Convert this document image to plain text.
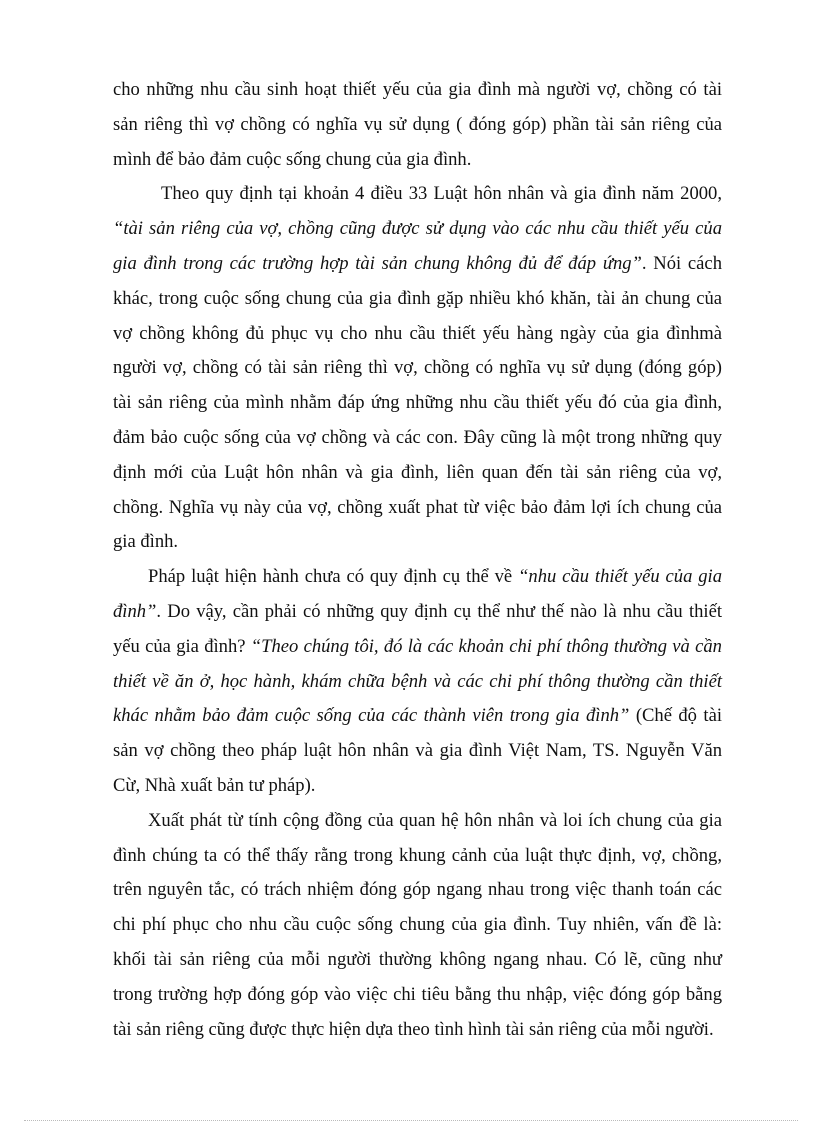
cho những nhu cầu sinh hoạt thiết yếu của gia đình mà người vợ, chồng có tài
sản riêng thì vợ chồng có nghĩa vụ sử dụng ( đóng góp) phần tài sản riêng của
mình để bảo đảm cuộc sống chung của gia đình.
Theo quy định tại khoản 4 điều 33 Luật hôn nhân và gia đình năm 2000,
“tài sản riêng của vợ, chồng cũng được sử dụng vào các nhu cầu thiết yếu của
gia đình trong các trường hợp tài sản chung không đủ để đáp ứng”. Nói cách
khác, trong cuộc sống chung của gia đình gặp nhiều khó khăn, tài ản chung của
vợ chồng không đủ phục vụ cho nhu cầu thiết yếu hàng ngày của gia đìnhmà
người vợ, chồng có tài sản riêng thì vợ, chồng có nghĩa vụ sử dụng (đóng góp)
tài sản riêng của mình nhằm đáp ứng những nhu cầu thiết yếu đó của gia đình,
đảm bảo cuộc sống của vợ chồng và các con. Đây cũng là một trong những quy
định mới của Luật hôn nhân và gia đình, liên quan đến tài sản riêng của vợ,
chồng. Nghĩa vụ này của vợ, chồng xuất phat từ việc bảo đảm lợi ích chung của
gia đình.
Pháp luật hiện hành chưa có quy định cụ thể về “nhu cầu thiết yếu của gia
đình”. Do vậy, cần phải có những quy định cụ thể như thế nào là nhu cầu thiết
yếu của gia đình? “Theo chúng tôi, đó là các khoản chi phí thông thường và cần
thiết về ăn ở, học hành, khám chữa bệnh và các chi phí thông thường cần thiết
khác nhằm bảo đảm cuộc sống của các thành viên trong gia đình” (Chế độ tài
sản vợ chồng theo pháp luật hôn nhân và gia đình Việt Nam, TS. Nguyễn Văn
Cừ, Nhà xuất bản tư pháp).
Xuất phát từ tính cộng đồng của quan hệ hôn nhân và loi ích chung của gia
đình chúng ta có thể thấy rằng trong khung cảnh của luật thực định, vợ, chồng,
trên nguyên tắc, có trách nhiệm đóng góp ngang nhau trong việc thanh toán các
chi phí phục cho nhu cầu cuộc sống chung của gia đình. Tuy nhiên, vấn đề là:
khối tài sản riêng của mỗi người thường không ngang nhau. Có lẽ, cũng như
trong trường hợp đóng góp vào việc chi tiêu bằng thu nhập, việc đóng góp bằng
tài sản riêng cũng được thực hiện dựa theo tình hình tài sản riêng của mỗi người.
